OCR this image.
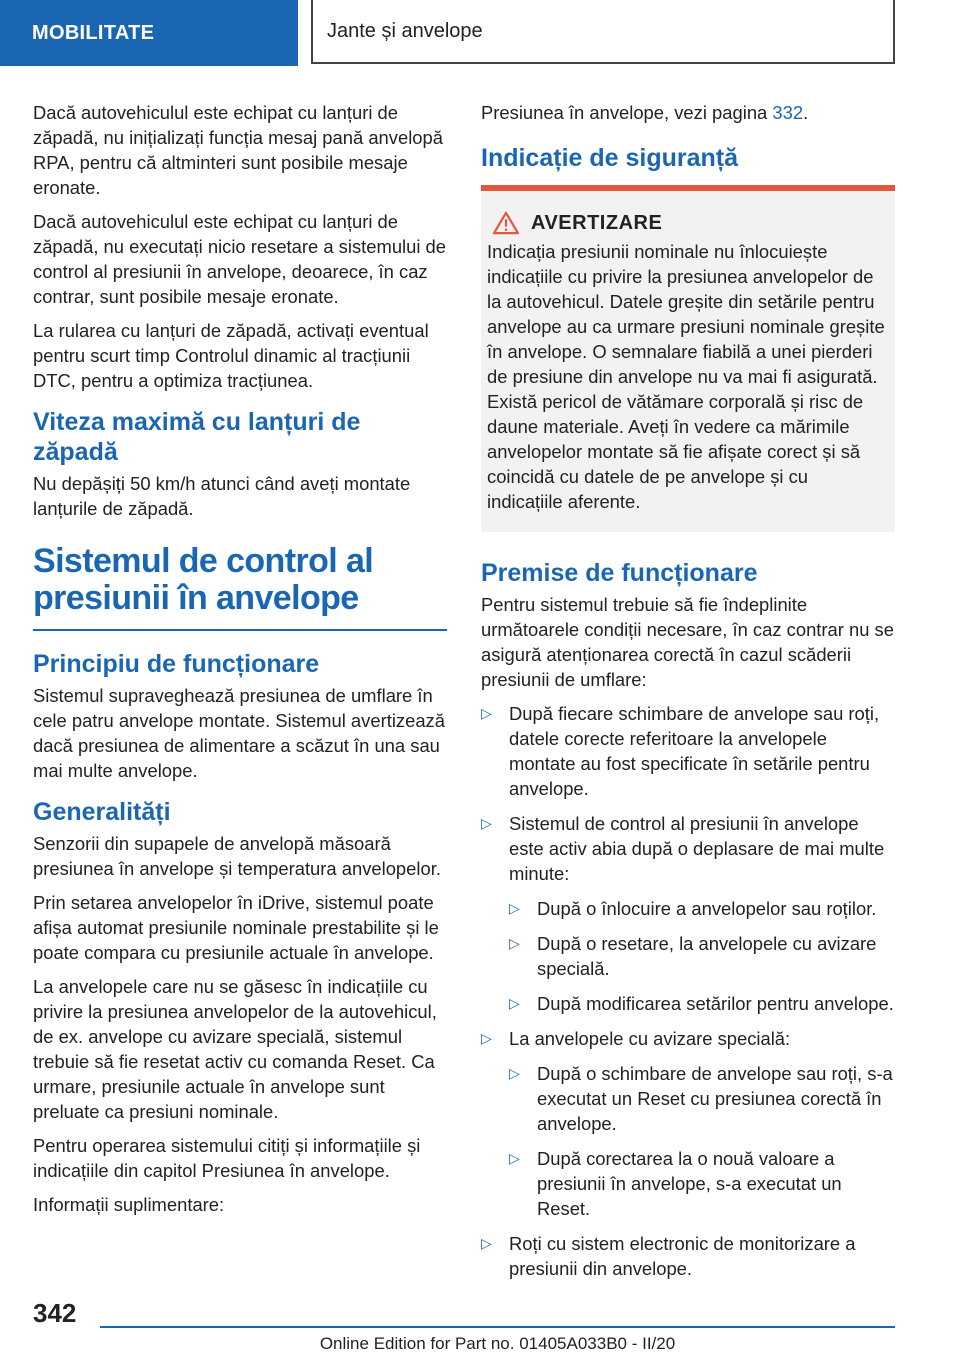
MOBILITATE	Jante și anvelope

Dacă autovehiculul este echipat cu lanțuri de zăpadă, nu inițializați funcția mesaj pană anvelopă RPA, pentru că altminteri sunt posibile mesaje eronate.

Dacă autovehiculul este echipat cu lanțuri de zăpadă, nu executați nicio resetare a sistemului de control al presiunii în anvelope, deoarece, în caz contrar, sunt posibile mesaje eronate.

La rularea cu lanțuri de zăpadă, activați eventual pentru scurt timp Controlul dinamic al tracțiunii DTC, pentru a optimiza tracțiunea.

Viteza maximă cu lanțuri de zăpadă

Nu depășiți 50 km/h atunci când aveți montate lanțurile de zăpadă.

Sistemul de control al presiunii în anvelope
Principiu de funcționare

Sistemul supraveghează presiunea de umflare în cele patru anvelope montate. Sistemul avertizează dacă presiunea de alimentare a scăzut în una sau mai multe anvelope.

Generalități

Senzorii din supapele de anvelopă măsoară presiunea în anvelope și temperatura anvelopelor.

Prin setarea anvelopelor în iDrive, sistemul poate afișa automat presiunile nominale prestabilite și le poate compara cu presiunile actuale în anvelope.

La anvelopele care nu se găsesc în indicațiile cu privire la presiunea anvelopelor de la autovehicul, de ex. anvelope cu avizare specială, sistemul trebuie să fie resetat activ cu comanda Reset. Ca urmare, presiunile actuale în anvelope sunt preluate ca presiuni nominale.

Pentru operarea sistemului citiți și informațiile și indicațiile din capitol Presiunea în anvelope.

Informații suplimentare:

Presiunea în anvelope, vezi pagina 332.

Indicație de siguranță
AVERTIZARE

Indicația presiunii nominale nu înlocuiește indicațiile cu privire la presiunea anvelopelor de la autovehicul. Datele greșite din setările pentru anvelope au ca urmare presiuni nominale greșite în anvelope. O semnalare fiabilă a unei pierderi de presiune din anvelope nu va mai fi asigurată. Există pericol de vătămare corporală și risc de daune materiale. Aveți în vedere ca mărimile anvelopelor montate să fie afișate corect și să coincidă cu datele de pe anvelope și cu indicațiile aferente.

Premise de funcționare

Pentru sistemul trebuie să fie îndeplinite următoarele condiții necesare, în caz contrar nu se asigură atenționarea corectă în cazul scăderii presiunii de umflare:

▷ După fiecare schimbare de anvelope sau roți, datele corecte referitoare la anvelopele montate au fost specificate în setările pentru anvelope.
▷ Sistemul de control al presiunii în anvelope este activ abia după o deplasare de mai multe minute:
▷ După o înlocuire a anvelopelor sau roților.
▷ După o resetare, la anvelopele cu avizare specială.
▷ După modificarea setărilor pentru anvelope.
▷ La anvelopele cu avizare specială:
▷ După o schimbare de anvelope sau roți, s-a executat un Reset cu presiunea corectă în anvelope.
▷ După corectarea la o nouă valoare a presiunii în anvelope, s-a executat un Reset.
▷ Roți cu sistem electronic de monitorizare a presiunii din anvelope.
342
Online Edition for Part no. 01405A033B0 - II/20
